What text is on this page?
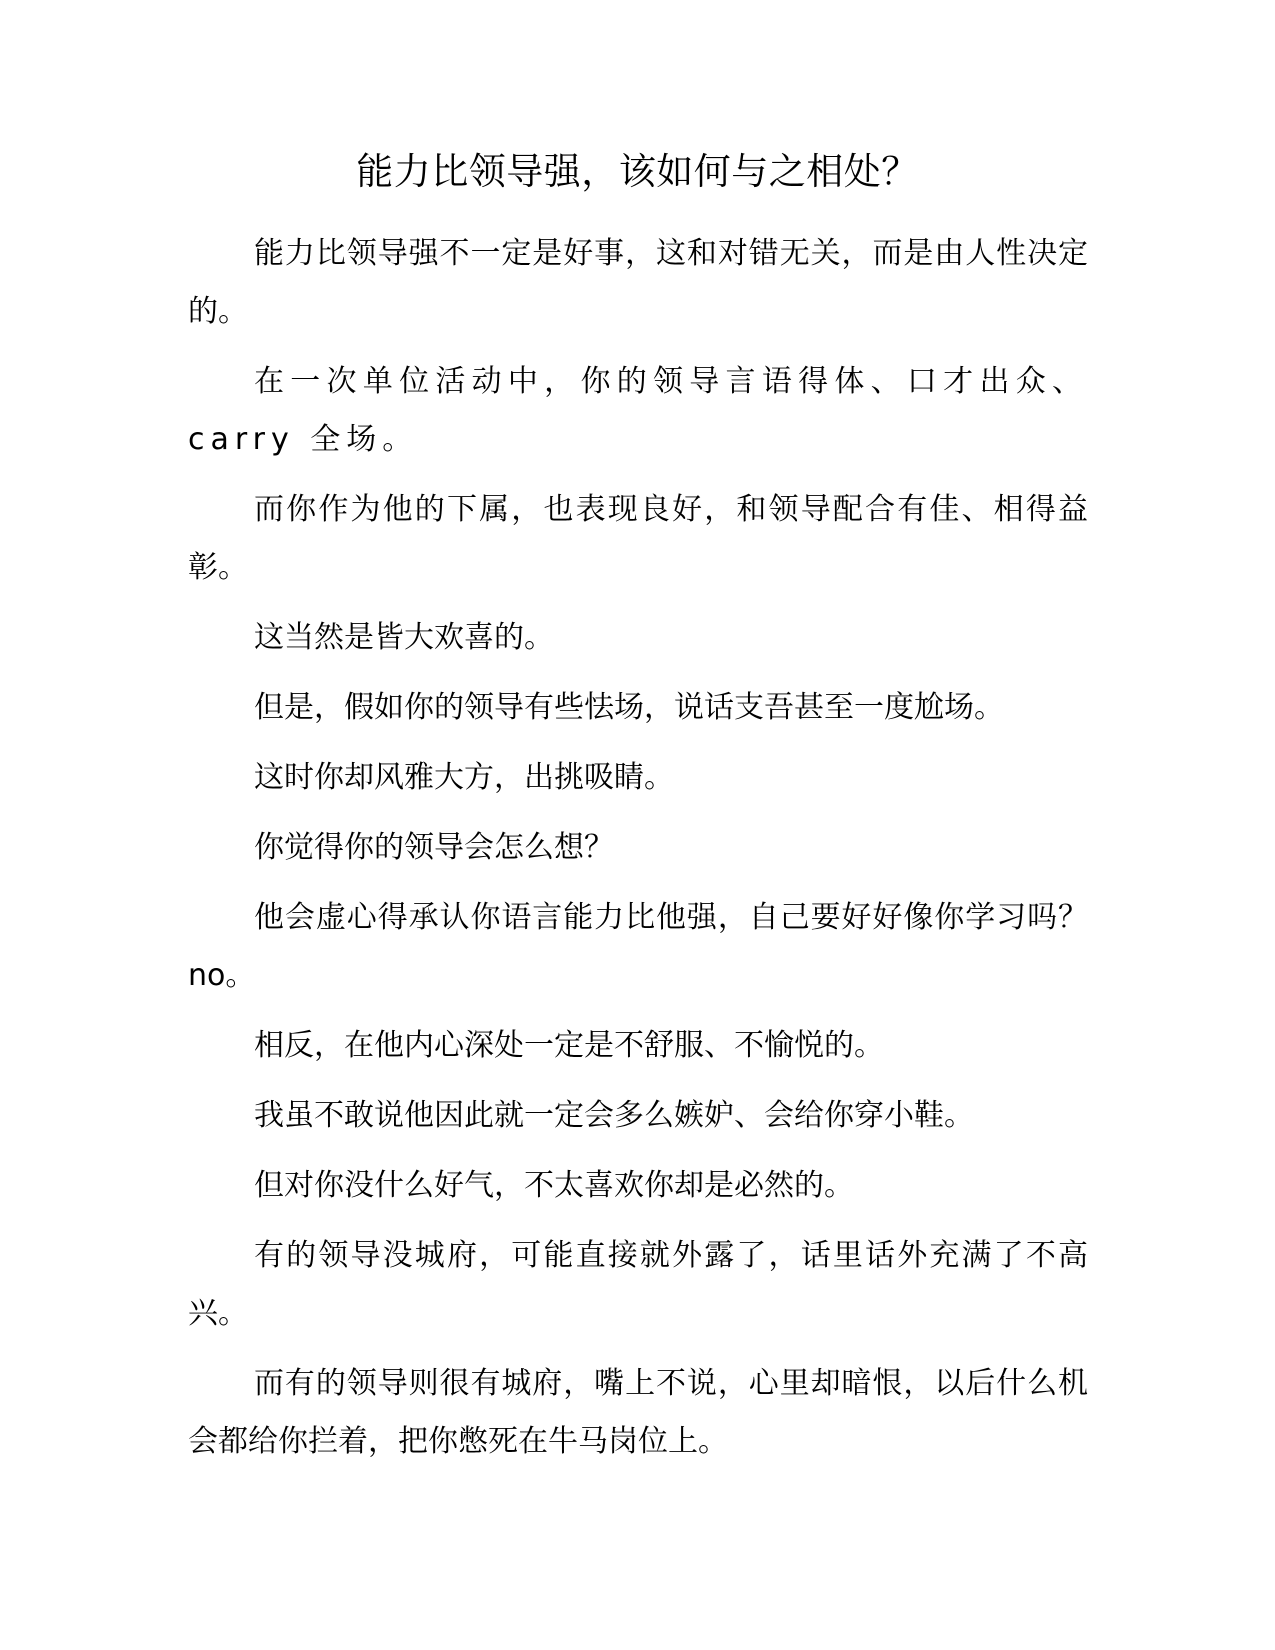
能力比领导强，该如何与之相处？

能力比领导强不一定是好事，这和对错无关，而是由人性决定的。

在一次单位活动中，你的领导言语得体、口才出众、carry 全场。

而你作为他的下属，也表现良好，和领导配合有佳、相得益彰。

这当然是皆大欢喜的。

但是，假如你的领导有些怯场，说话支吾甚至一度尬场。

这时你却风雅大方，出挑吸睛。

你觉得你的领导会怎么想？

他会虚心得承认你语言能力比他强，自己要好好像你学习吗？no。

相反，在他内心深处一定是不舒服、不愉悦的。

我虽不敢说他因此就一定会多么嫉妒、会给你穿小鞋。

但对你没什么好气，不太喜欢你却是必然的。

有的领导没城府，可能直接就外露了，话里话外充满了不高兴。

而有的领导则很有城府，嘴上不说，心里却暗恨，以后什么机会都给你拦着，把你憋死在牛马岗位上。
